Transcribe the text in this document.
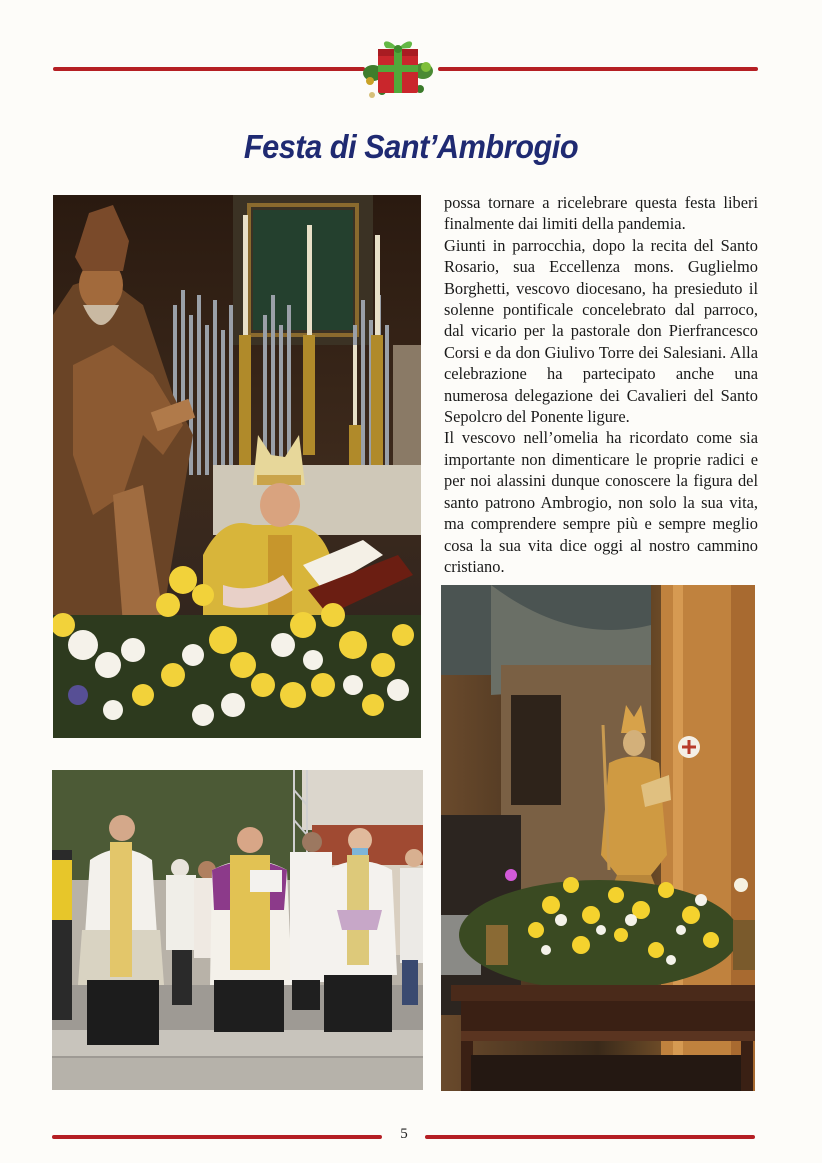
Festa di Sant’Ambrogio

possa tornare a ricelebrare questa festa liberi finalmente dai limiti della pandemia.

Giunti in parrocchia, dopo la recita del Santo Rosario, sua Eccellenza mons. Guglielmo Borghetti, vescovo diocesano, ha presieduto il solenne pontificale concelebrato dal parroco, dal vicario per la pastorale don Pierfrancesco Corsi e da don Giulivo Torre dei Salesiani. Alla celebrazione ha partecipato anche una numerosa delegazione dei Cavalieri del Santo Sepolcro del Ponente ligure.

Il vescovo nell’omelia ha ricordato come sia importante non dimenticare le proprie radici e per noi alassini dunque conoscere la figura del santo patrono Ambrogio, non solo la sua vita, ma comprendere sempre più e sempre meglio cosa la sua vita dice oggi al nostro cammino cristiano.

5
